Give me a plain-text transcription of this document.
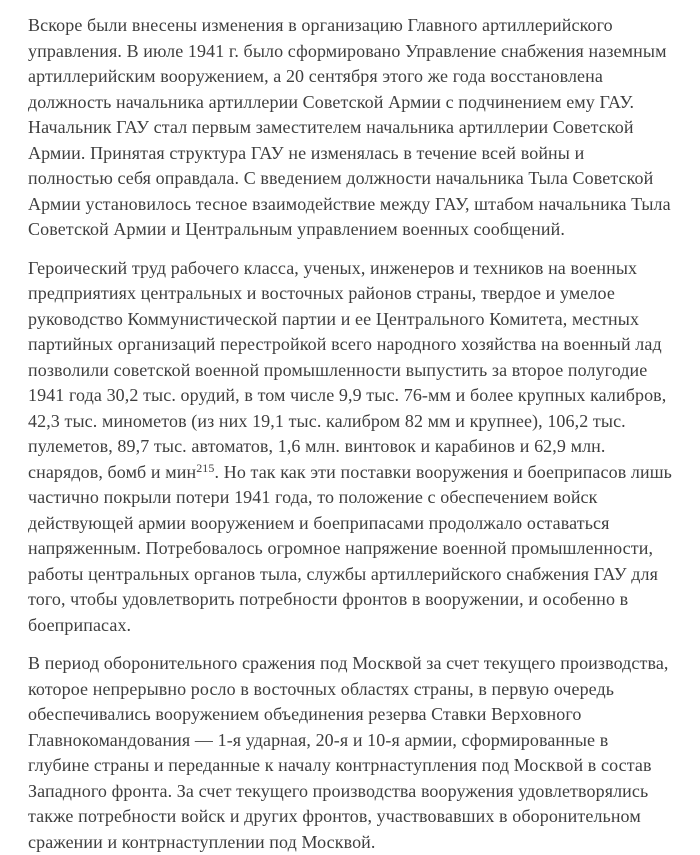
Вскоре были внесены изменения в организацию Главного артиллерийского управления. В июле 1941 г. было сформировано Управление снабжения наземным артиллерийским вооружением, а 20 сентября этого же года восстановлена должность начальника артиллерии Советской Армии с подчинением ему ГАУ. Начальник ГАУ стал первым заместителем начальника артиллерии Советской Армии. Принятая структура ГАУ не изменялась в течение всей войны и полностью себя оправдала. С введением должности начальника Тыла Советской Армии установилось тесное взаимодействие между ГАУ, штабом начальника Тыла Советской Армии и Центральным управлением военных сообщений.

Героический труд рабочего класса, ученых, инженеров и техников на военных предприятиях центральных и восточных районов страны, твердое и умелое руководство Коммунистической партии и ее Центрального Комитета, местных партийных организаций перестройкой всего народного хозяйства на военный лад позволили советской военной промышленности выпустить за второе полугодие 1941 года 30,2 тыс. орудий, в том числе 9,9 тыс. 76-мм и более крупных калибров, 42,3 тыс. минометов (из них 19,1 тыс. калибром 82 мм и крупнее), 106,2 тыс. пулеметов, 89,7 тыс. автоматов, 1,6 млн. винтовок и карабинов и 62,9 млн. снарядов, бомб и мин$^{215}$. Но так как эти поставки вооружения и боеприпасов лишь частично покрыли потери 1941 года, то положение с обеспечением войск действующей армии вооружением и боеприпасами продолжало оставаться напряженным. Потребовалось огромное напряжение военной промышленности, работы центральных органов тыла, службы артиллерийского снабжения ГАУ для того, чтобы удовлетворить потребности фронтов в вооружении, и особенно в боеприпасах.

В период оборонительного сражения под Москвой за счет текущего производства, которое непрерывно росло в восточных областях страны, в первую очередь обеспечивались вооружением объединения резерва Ставки Верховного Главнокомандования — 1-я ударная, 20-я и 10-я армии, сформированные в глубине страны и переданные к началу контрнаступления под Москвой в состав Западного фронта. За счет текущего производства вооружения удовлетворялись также потребности войск и других фронтов, участвовавших в оборонительном сражении и контрнаступлении под Москвой.
